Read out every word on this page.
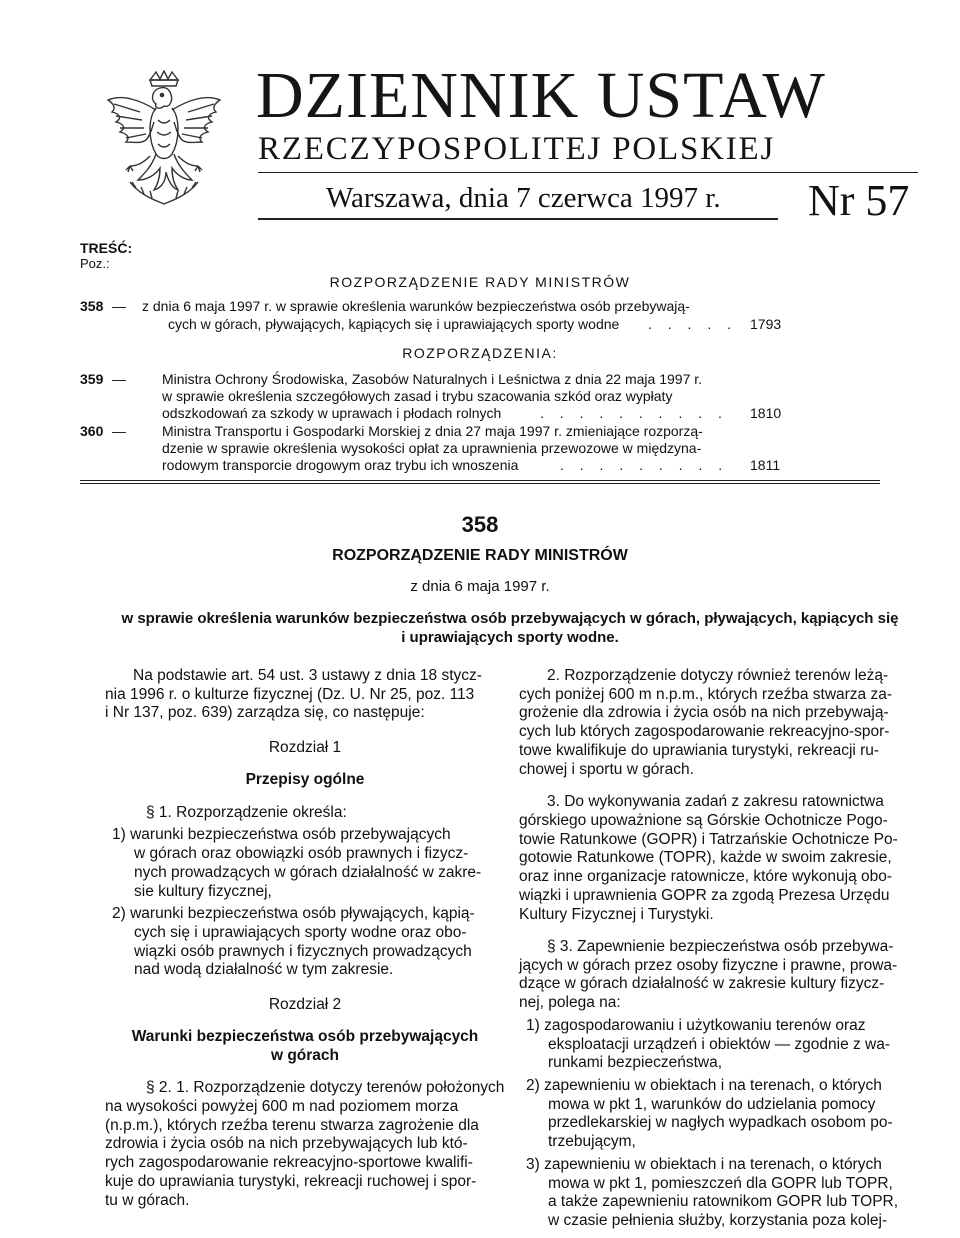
DZIENNIK USTAW
RZECZYPOSPOLITEJ POLSKIEJ
Warszawa, dnia 7 czerwca 1997 r. Nr 57
TREŚĆ:
Poz.:
ROZPORZĄDZENIE RADY MINISTRÓW
358 — z dnia 6 maja 1997 r. w sprawie określenia warunków bezpieczeństwa osób przebywają-
cych w górach, pływających, kąpiących się i uprawiających sporty wodne . . . . . 1793
ROZPORZĄDZENIA:
359 —	Ministra Ochrony Środowiska, Zasobów Naturalnych i Leśnictwa z dnia 22 maja 1997 r.
w sprawie określenia szczegółowych zasad i trybu szacowania szkód oraz wypłaty
odszkodowań za szkody w uprawach i płodach rolnych	. . . . . . . . . . 1810
360 —	Ministra Transportu i Gospodarki Morskiej z dnia 27 maja 1997 r. zmieniające rozporzą-
dzenie w sprawie określenia wysokości opłat za uprawnienia przewozowe w międzyna-
rodowym transporcie drogowym oraz trybu ich wnoszenia	. . . . . . . . . 1811
358
ROZPORZĄDZENIE RADY MINISTRÓW
z dnia 6 maja 1997 r.
w sprawie określenia warunków bezpieczeństwa osób przebywających w górach, pływających, kąpiących się
i uprawiających sporty wodne.
Na podstawie art. 54 ust. 3 ustawy z dnia 18 stycz-
nia 1996 r. o kulturze fizycznej (Dz. U. Nr 25, poz. 113
i Nr 137, poz. 639) zarządza się, co następuje:
Rozdział 1
Przepisy ogólne
§ 1. Rozporządzenie określa:
1) warunki bezpieczeństwa osób przebywających
w górach oraz obowiązki osób prawnych i fizycz-
nych prowadzących w górach działalność w zakre-
sie kultury fizycznej,
2) warunki bezpieczeństwa osób pływających, kąpią-
cych się i uprawiających sporty wodne oraz obo-
wiązki osób prawnych i fizycznych prowadzących
nad wodą działalność w tym zakresie.
Rozdział 2
Warunki bezpieczeństwa osób przebywających
w górach
§ 2. 1. Rozporządzenie dotyczy terenów położonych
na wysokości powyżej 600 m nad poziomem morza
(n.p.m.), których rzeźba terenu stwarza zagrożenie dla
zdrowia i życia osób na nich przebywających lub któ-
rych zagospodarowanie rekreacyjno-sportowe kwalifi-
kuje do uprawiania turystyki, rekreacji ruchowej i spor-
tu w górach.
2. Rozporządzenie dotyczy również terenów leżą-
cych poniżej 600 m n.p.m., których rzeźba stwarza za-
grożenie dla zdrowia i życia osób na nich przebywają-
cych lub których zagospodarowanie rekreacyjno-spor-
towe kwalifikuje do uprawiania turystyki, rekreacji ru-
chowej i sportu w górach.
3. Do wykonywania zadań z zakresu ratownictwa
górskiego upoważnione są Górskie Ochotnicze Pogo-
towie Ratunkowe (GOPR) i Tatrzańskie Ochotnicze Po-
gotowie Ratunkowe (TOPR), każde w swoim zakresie,
oraz inne organizacje ratownicze, które wykonują obo-
wiązki i uprawnienia GOPR za zgodą Prezesa Urzędu
Kultury Fizycznej i Turystyki.
§ 3. Zapewnienie bezpieczeństwa osób przebywa-
jących w górach przez osoby fizyczne i prawne, prowa-
dzące w górach działalność w zakresie kultury fizycz-
nej, polega na:
1) zagospodarowaniu i użytkowaniu terenów oraz
eksploatacji urządzeń i obiektów — zgodnie z wa-
runkami bezpieczeństwa,
2) zapewnieniu w obiektach i na terenach, o których
mowa w pkt 1, warunków do udzielania pomocy
przedlekarskiej w nagłych wypadkach osobom po-
trzebującym,
3) zapewnieniu w obiektach i na terenach, o których
mowa w pkt 1, pomieszczeń dla GOPR lub TOPR,
a także zapewnieniu ratownikom GOPR lub TOPR,
w czasie pełnienia służby, korzystania poza kolej-
